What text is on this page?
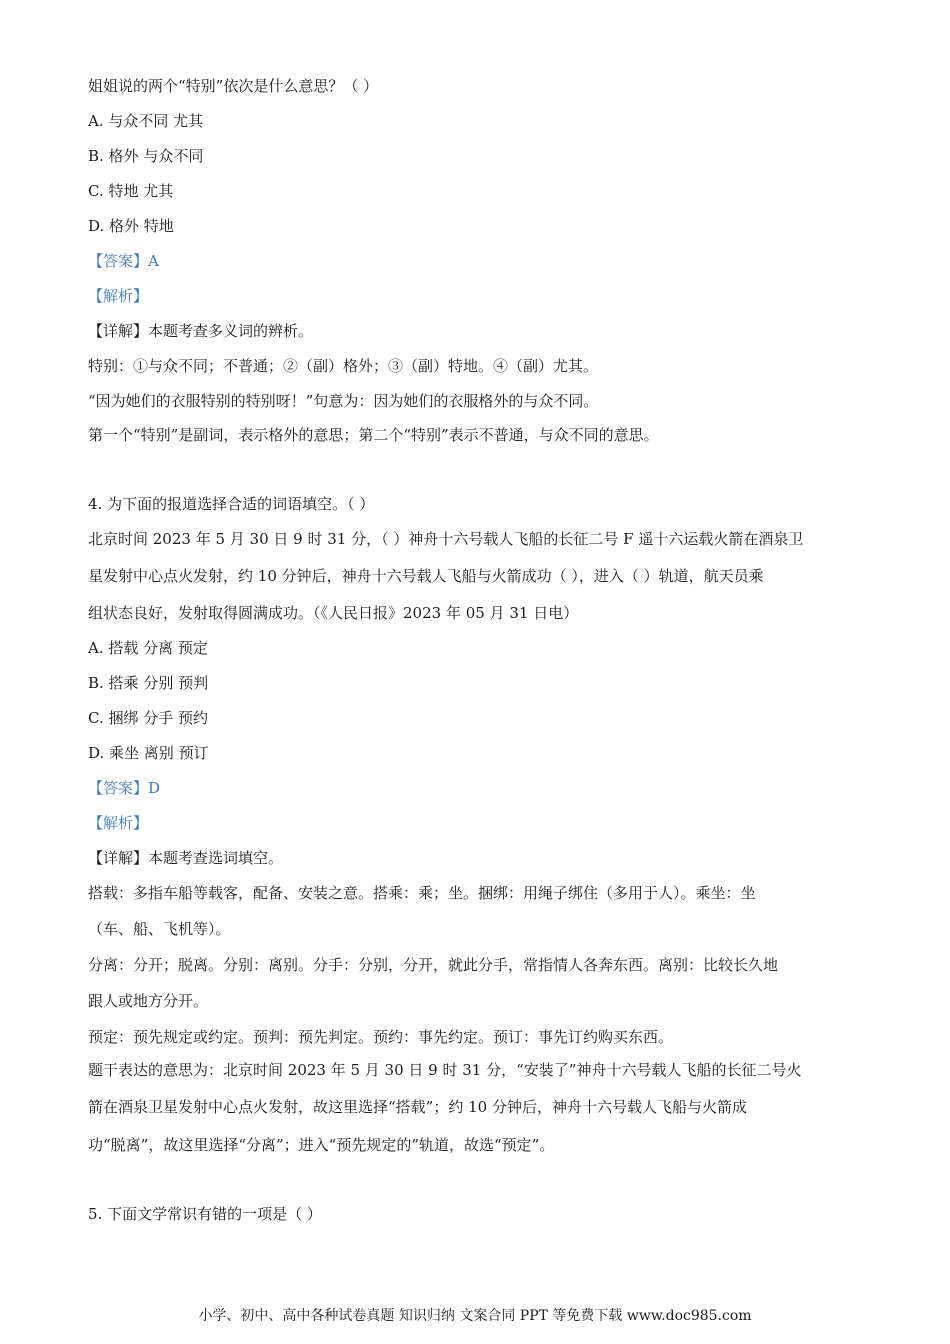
姐姐说的两个“特别”依次是什么意思？（ ）
A. 与众不同 尤其
B. 格外 与众不同
C. 特地 尤其
D. 格外 特地
【答案】A
【解析】
【详解】本题考查多义词的辨析。
特别：①与众不同；不普通；②（副）格外；③（副）特地。④（副）尤其。
“因为她们的衣服特别的特别呀！”句意为：因为她们的衣服格外的与众不同。
第一个“特别”是副词，表示格外的意思；第二个“特别”表示不普通，与众不同的意思。
4. 为下面的报道选择合适的词语填空。（ ）
北京时间 2023 年 5 月 30 日 9 时 31 分，（ ）神舟十六号载人飞船的长征二号 F 遥十六运载火箭在酒泉卫
星发射中心点火发射，约 10 分钟后，神舟十六号载人飞船与火箭成功（ ），进入（ ）轨道，航天员乘
组状态良好，发射取得圆满成功。（《人民日报》2023 年 05 月 31 日电）
A. 搭载 分离 预定
B. 搭乘 分别 预判
C. 捆绑 分手 预约
D. 乘坐 离别 预订
【答案】D
【解析】
【详解】本题考查选词填空。
搭载：多指车船等载客，配备、安装之意。搭乘：乘；坐。捆绑：用绳子绑住（多用于人）。乘坐：坐
（车、船、飞机等）。
分离：分开；脱离。分别：离别。分手：分别，分开，就此分手，常指情人各奔东西。离别：比较长久地
跟人或地方分开。
预定：预先规定或约定。预判：预先判定。预约：事先约定。预订：事先订约购买东西。
题干表达的意思为：北京时间 2023 年 5 月 30 日 9 时 31 分，“安装了”神舟十六号载人飞船的长征二号火
箭在酒泉卫星发射中心点火发射，故这里选择“搭载”；约 10 分钟后，神舟十六号载人飞船与火箭成
功“脱离”，故这里选择“分离”；进入“预先规定的”轨道，故选“预定”。
5. 下面文学常识有错的一项是（ ）
小学、初中、高中各种试卷真题 知识归纳 文案合同 PPT 等免费下载 www.doc985.com
